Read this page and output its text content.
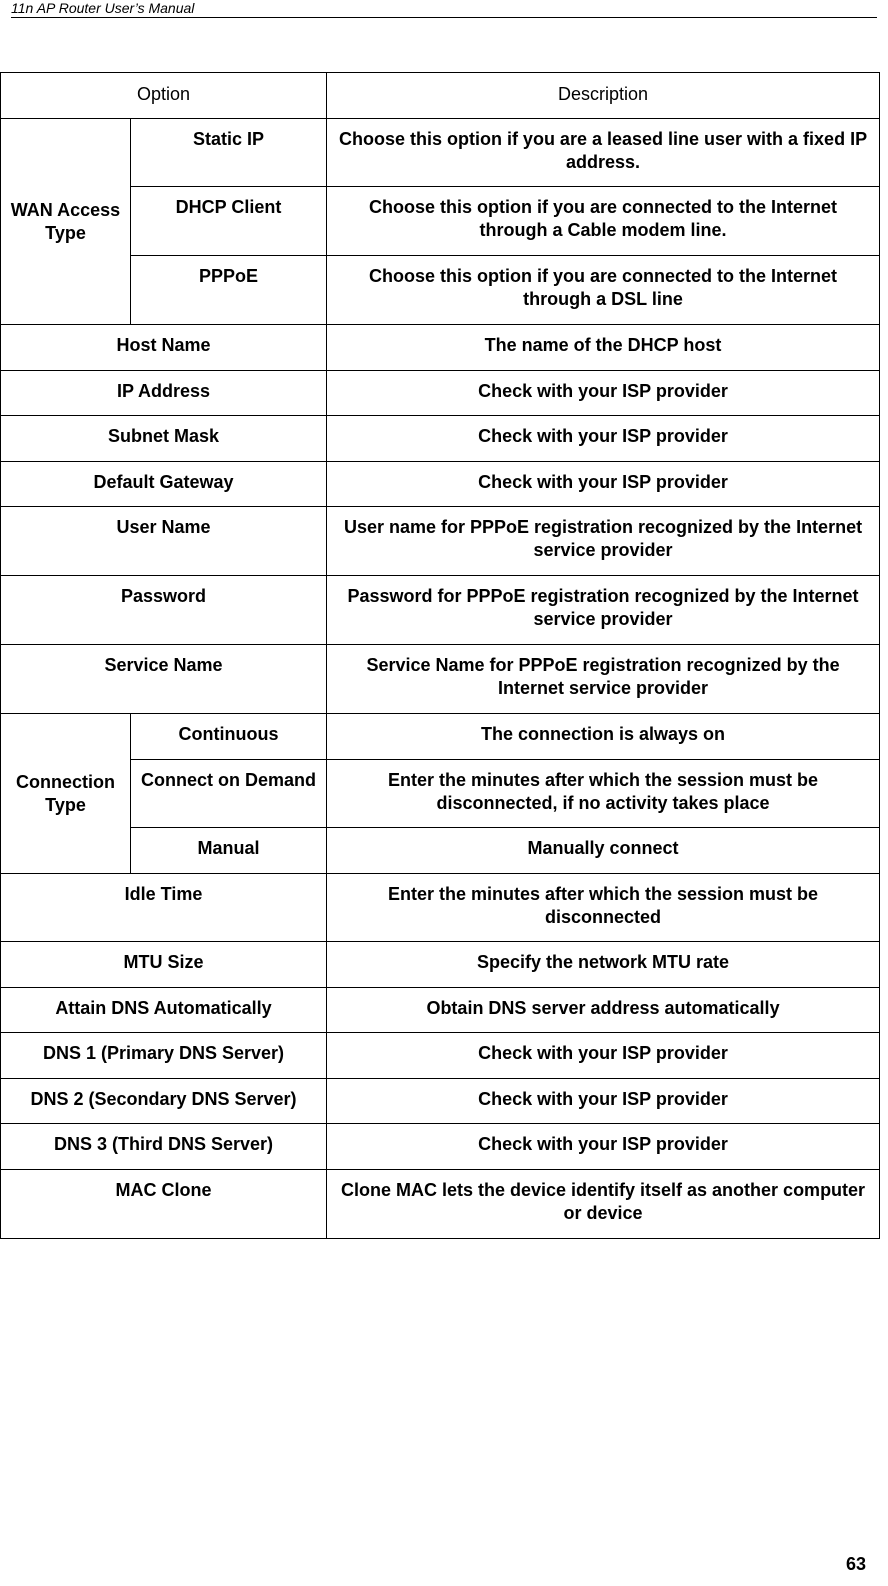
11n AP Router User’s Manual
Option		Description
WAN Access Type	Static IP	Choose this option if you are a leased line user with a fixed IP address.
	DHCP Client	Choose this option if you are connected to the Internet through a Cable modem line.
	PPPoE	Choose this option if you are connected to the Internet through a DSL line
Host Name		The name of the DHCP host
IP Address		Check with your ISP provider
Subnet Mask		Check with your ISP provider
Default Gateway		Check with your ISP provider
User Name		User name for PPPoE registration recognized by the Internet service provider
Password		Password for PPPoE registration recognized by the Internet service provider
Service Name		Service Name for PPPoE registration recognized by the Internet service provider
Connection Type	Continuous	The connection is always on
	Connect on Demand	Enter the minutes after which the session must be disconnected, if no activity takes place
	Manual	Manually connect
Idle Time		Enter the minutes after which the session must be disconnected
MTU Size		Specify the network MTU rate
Attain DNS Automatically		Obtain DNS server address automatically
DNS 1 (Primary DNS Server)		Check with your ISP provider
DNS 2 (Secondary DNS Server)		Check with your ISP provider
DNS 3 (Third DNS Server)		Check with your ISP provider
MAC Clone		Clone MAC lets the device identify itself as another computer or device
63
